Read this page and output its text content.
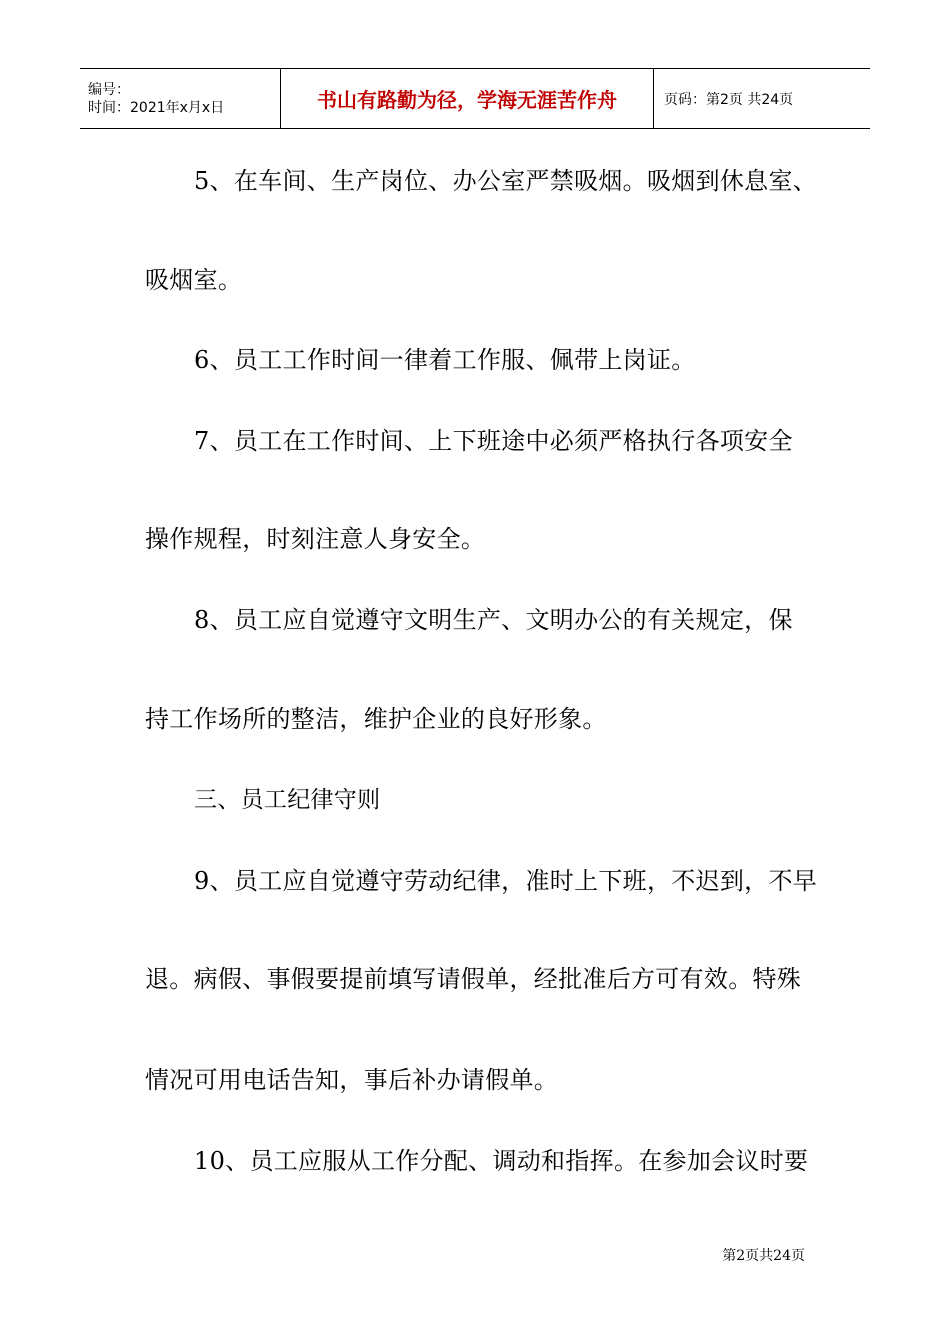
编号：
时间：2021年x月x日	书山有路勤为径，学海无涯苦作舟	页码：第2页 共24页
5、在车间、生产岗位、办公室严禁吸烟。吸烟到休息室、
吸烟室。
6、员工工作时间一律着工作服、佩带上岗证。
7、员工在工作时间、上下班途中必须严格执行各项安全
操作规程，时刻注意人身安全。
8、员工应自觉遵守文明生产、文明办公的有关规定，保
持工作场所的整洁，维护企业的良好形象。
三、员工纪律守则
9、员工应自觉遵守劳动纪律，准时上下班，不迟到，不早
退。病假、事假要提前填写请假单，经批准后方可有效。特殊
情况可用电话告知，事后补办请假单。
10、员工应服从工作分配、调动和指挥。在参加会议时要
第2页共24页
